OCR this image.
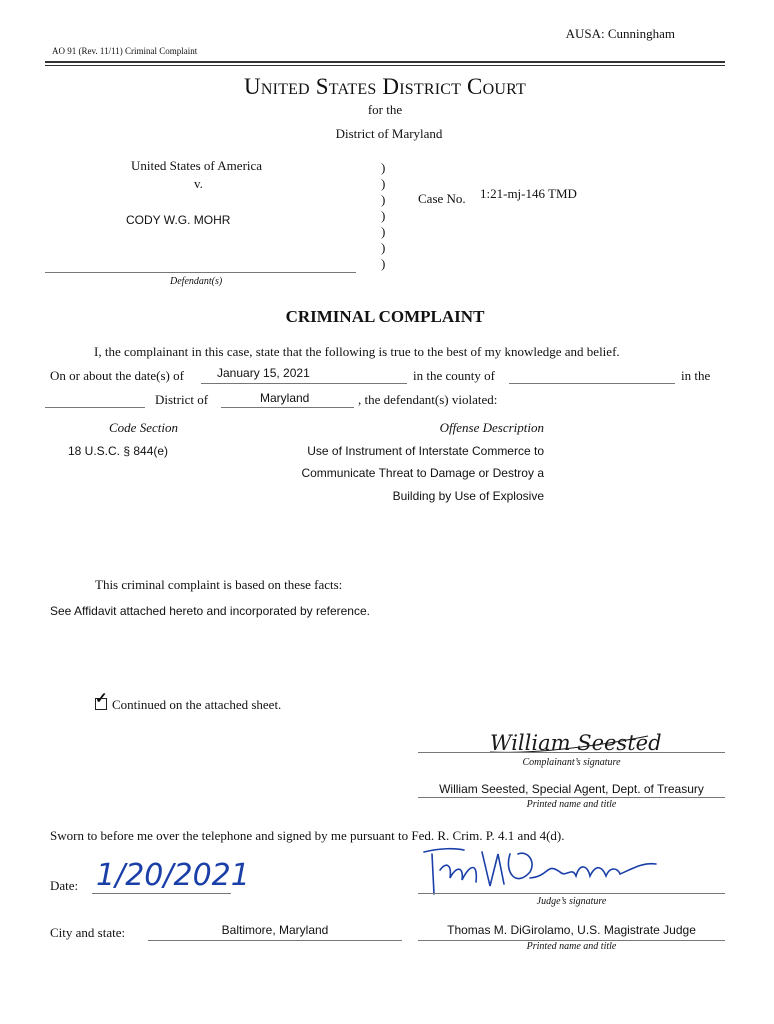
AUSA: Cunningham
AO 91 (Rev. 11/11) Criminal Complaint
United States District Court
for the
District of Maryland
United States of America
v.
CODY W.G. MOHR
Defendant(s)
)
)
)
)
)
)
)
Case No. 1:21-mj-146 TMD
CRIMINAL COMPLAINT
I, the complainant in this case, state that the following is true to the best of my knowledge and belief.
On or about the date(s) of	January 15, 2021	in the county of	in the
District of	Maryland	, the defendant(s) violated:
Code Section	Offense Description
18 U.S.C. § 844(e)	Use of Instrument of Interstate Commerce to
Communicate Threat to Damage or Destroy a
Building by Use of Explosive
This criminal complaint is based on these facts:
See Affidavit attached hereto and incorporated by reference.
✓ Continued on the attached sheet.
William Seested
Complainant’s signature
William Seested, Special Agent, Dept. of Treasury
Printed name and title
Sworn to before me over the telephone and signed by me pursuant to Fed. R. Crim. P. 4.1 and 4(d).
Date: 1/20/2021
Judge’s signature
City and state:	Baltimore, Maryland	Thomas M. DiGirolamo, U.S. Magistrate Judge
Printed name and title
